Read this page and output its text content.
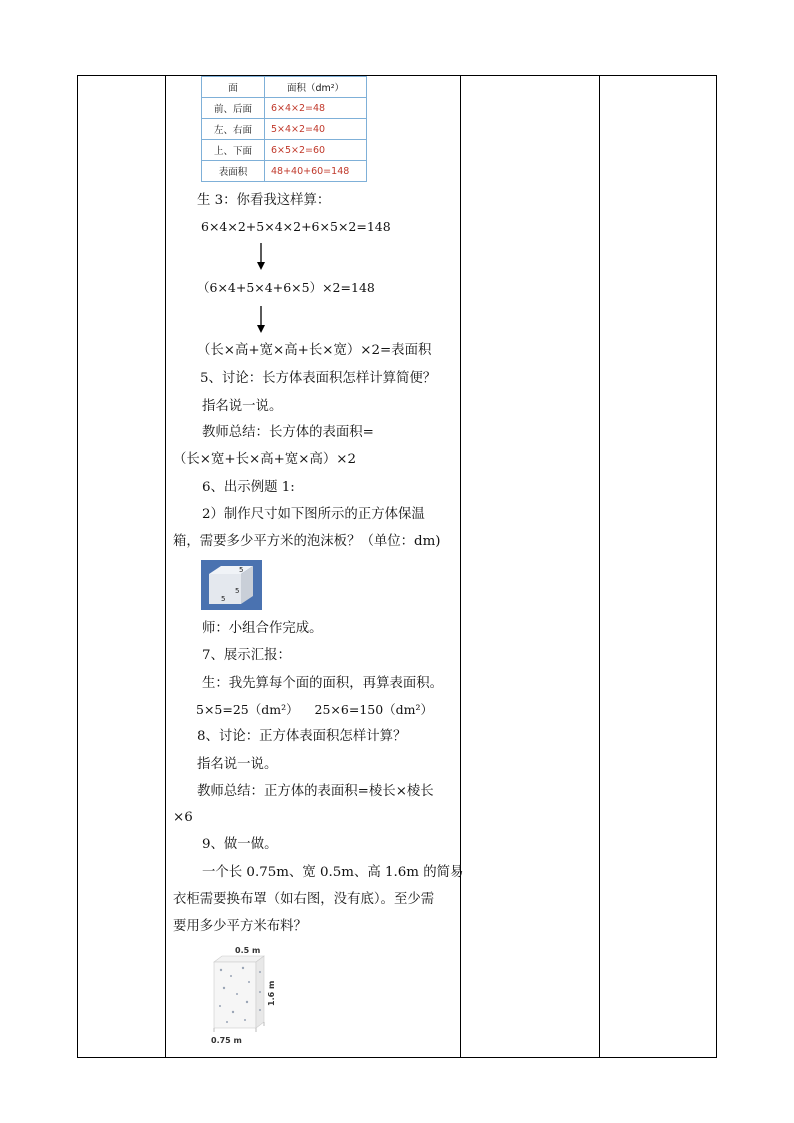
面	面积（dm²）
前、后面	6×4×2=48
左、右面	5×4×2=40
上、下面	6×5×2=60
表面积	48+40+60=148
生 3：你看我这样算：
6×4×2+5×4×2+6×5×2=148
（6×4+5×4+6×5）×2=148
（长×高+宽×高+长×宽）×2=表面积
5、讨论：长方体表面积怎样计算简便？
指名说一说。
教师总结：长方体的表面积=
（长×宽+长×高+宽×高）×2
6、出示例题 1:
2）制作尺寸如下图所示的正方体保温
箱，需要多少平方米的泡沫板？（单位：dm)
5
5
5
师：小组合作完成。
7、展示汇报：
生：我先算每个面的面积，再算表面积。
5×5=25（dm²）    25×6=150（dm²）
8、讨论：正方体表面积怎样计算？
指名说一说。
教师总结：正方体的表面积=棱长×棱长
×6
9、做一做。
一个长 0.75m、宽 0.5m、高 1.6m 的简易
衣柜需要换布罩（如右图，没有底）。至少需
要用多少平方米布料？
0.5 m
1.6 m
0.75 m
